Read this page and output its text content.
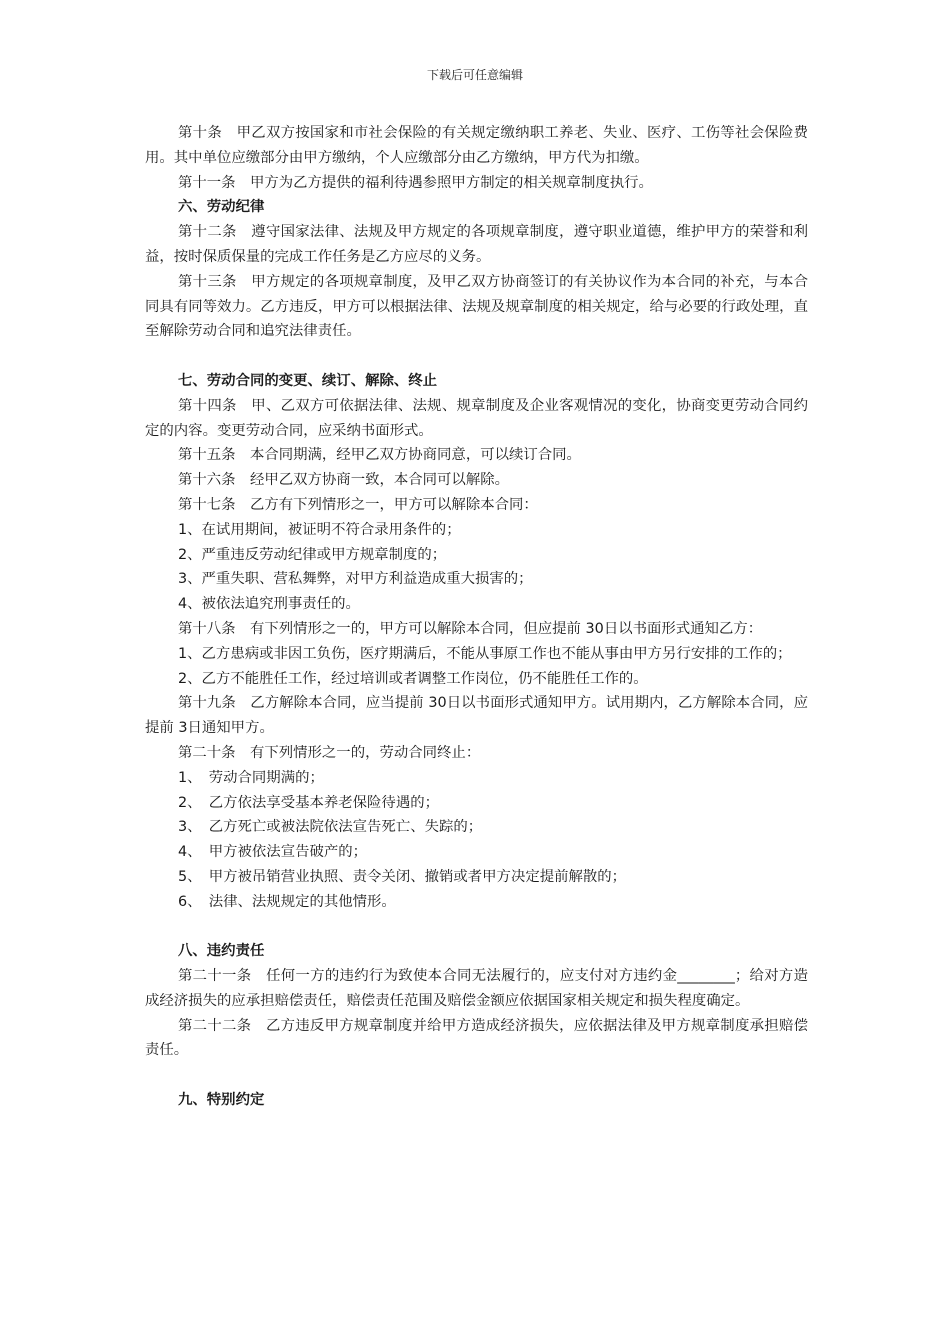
下载后可任意编辑
第十条　甲乙双方按国家和市社会保险的有关规定缴纳职工养老、失业、医疗、工伤等社会保险费用。其中单位应缴部分由甲方缴纳，个人应缴部分由乙方缴纳，甲方代为扣缴。
第十一条　甲方为乙方提供的福利待遇参照甲方制定的相关规章制度执行。
六、劳动纪律
第十二条　遵守国家法律、法规及甲方规定的各项规章制度，遵守职业道德，维护甲方的荣誉和利益，按时保质保量的完成工作任务是乙方应尽的义务。
第十三条　甲方规定的各项规章制度，及甲乙双方协商签订的有关协议作为本合同的补充，与本合同具有同等效力。乙方违反，甲方可以根据法律、法规及规章制度的相关规定，给与必要的行政处理，直至解除劳动合同和追究法律责任。
七、劳动合同的变更、续订、解除、终止
第十四条　甲、乙双方可依据法律、法规、规章制度及企业客观情况的变化，协商变更劳动合同约定的内容。变更劳动合同，应采纳书面形式。
第十五条　本合同期满，经甲乙双方协商同意，可以续订合同。
第十六条　经甲乙双方协商一致，本合同可以解除。
第十七条　乙方有下列情形之一，甲方可以解除本合同：
1、在试用期间，被证明不符合录用条件的；
2、严重违反劳动纪律或甲方规章制度的；
3、严重失职、营私舞弊，对甲方利益造成重大损害的；
4、被依法追究刑事责任的。
第十八条　有下列情形之一的，甲方可以解除本合同，但应提前 30日以书面形式通知乙方：
1、乙方患病或非因工负伤，医疗期满后，不能从事原工作也不能从事由甲方另行安排的工作的；
2、乙方不能胜任工作，经过培训或者调整工作岗位，仍不能胜任工作的。
第十九条　乙方解除本合同，应当提前 30日以书面形式通知甲方。试用期内，乙方解除本合同，应提前 3日通知甲方。
第二十条　有下列情形之一的，劳动合同终止：
1、　劳动合同期满的；
2、　乙方依法享受基本养老保险待遇的；
3、　乙方死亡或被法院依法宣告死亡、失踪的；
4、　甲方被依法宣告破产的；
5、　甲方被吊销营业执照、责令关闭、撤销或者甲方决定提前解散的；
6、　法律、法规规定的其他情形。
八、违约责任
第二十一条　任何一方的违约行为致使本合同无法履行的，应支付对方违约金________；给对方造成经济损失的应承担赔偿责任，赔偿责任范围及赔偿金额应依据国家相关规定和损失程度确定。
第二十二条　乙方违反甲方规章制度并给甲方造成经济损失，应依据法律及甲方规章制度承担赔偿责任。
九、特别约定
